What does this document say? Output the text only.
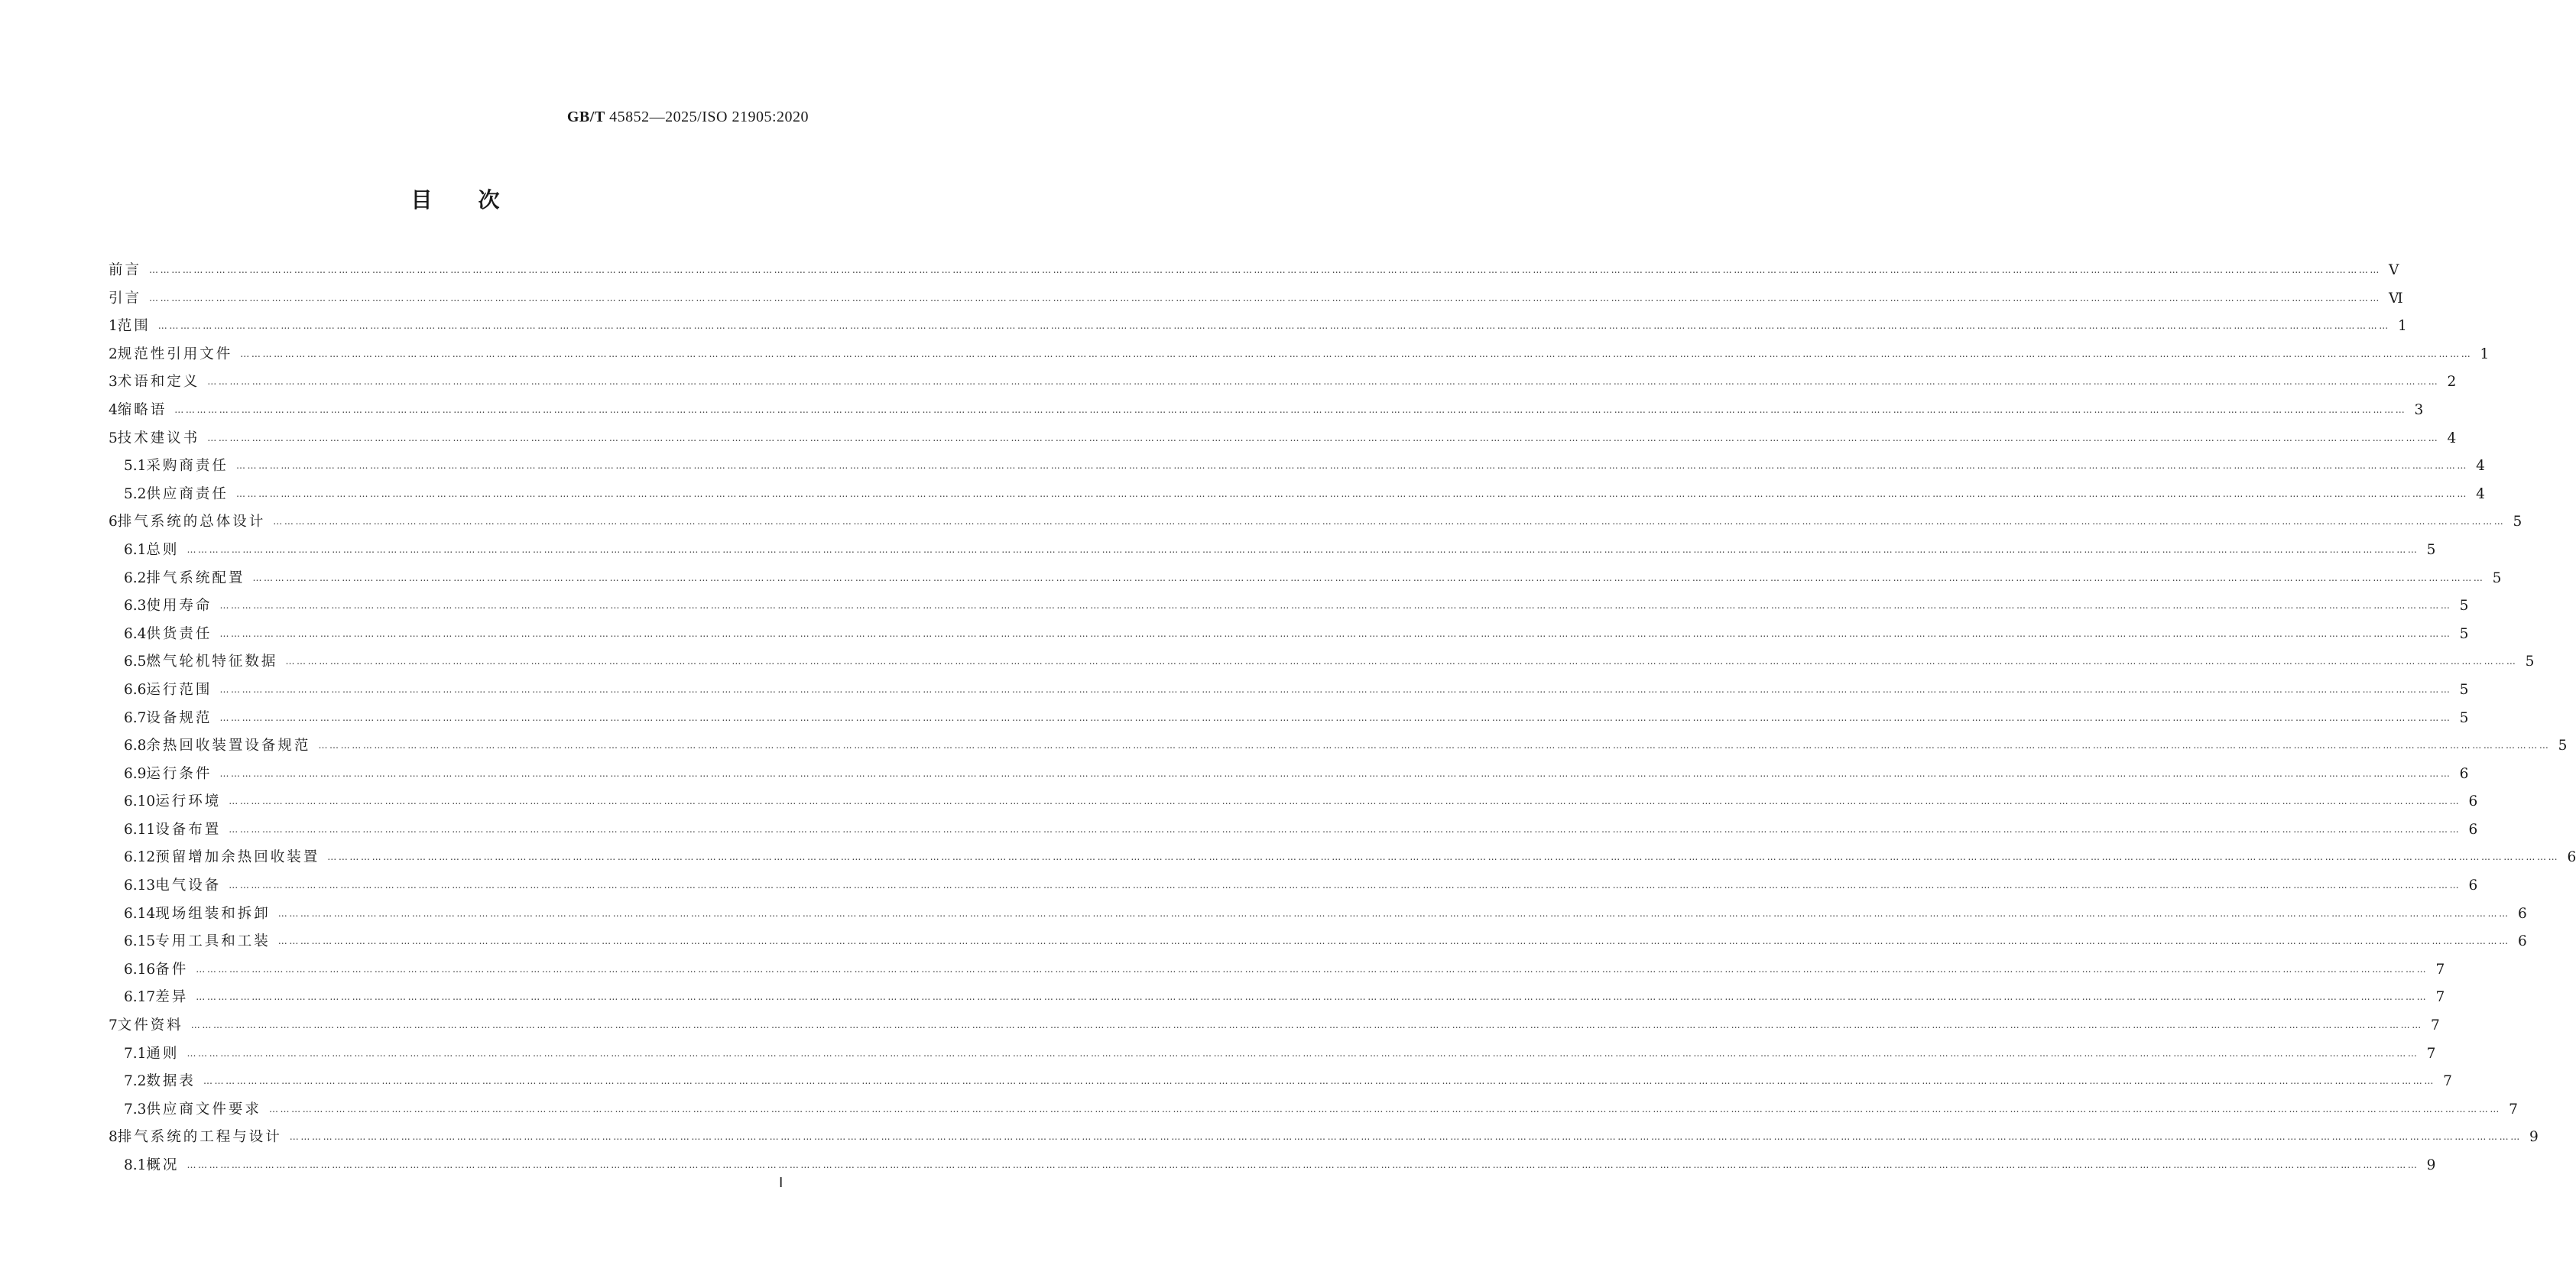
GB/T 45852—2025/ISO 21905:2020
目次
前言 …………………………………………………………………………………………………………………………………………………………………………………………………………………………………………………………………………………………………………………………………………………………………………………………………………………………………………………………………………………………………………………………………………………… Ⅴ
引言 …………………………………………………………………………………………………………………………………………………………………………………………………………………………………………………………………………………………………………………………………………………………………………………………………………………………………………………………………………………………………………………………………………………… Ⅵ
1 范围 …………………………………………………………………………………………………………………………………………………………………………………………………………………………………………………………………………………………………………………………………………………………………………………………………………………………………………………………………………………………………………………………………………………… 1
2 规范性引用文件 …………………………………………………………………………………………………………………………………………………………………………………………………………………………………………………………………………………………………………………………………………………………………………………………………………………………………………………………………………………………………………………………………………………… 1
3 术语和定义 …………………………………………………………………………………………………………………………………………………………………………………………………………………………………………………………………………………………………………………………………………………………………………………………………………………………………………………………………………………………………………………………………………………… 2
4 缩略语 …………………………………………………………………………………………………………………………………………………………………………………………………………………………………………………………………………………………………………………………………………………………………………………………………………………………………………………………………………………………………………………………………………………… 3
5 技术建议书 …………………………………………………………………………………………………………………………………………………………………………………………………………………………………………………………………………………………………………………………………………………………………………………………………………………………………………………………………………………………………………………………………………………… 4
5.1 采购商责任 …………………………………………………………………………………………………………………………………………………………………………………………………………………………………………………………………………………………………………………………………………………………………………………………………………………………………………………………………………………………………………………………………………………… 4
5.2 供应商责任 …………………………………………………………………………………………………………………………………………………………………………………………………………………………………………………………………………………………………………………………………………………………………………………………………………………………………………………………………………………………………………………………………………………… 4
6 排气系统的总体设计 …………………………………………………………………………………………………………………………………………………………………………………………………………………………………………………………………………………………………………………………………………………………………………………………………………………………………………………………………………………………………………………………………………………… 5
6.1 总则 …………………………………………………………………………………………………………………………………………………………………………………………………………………………………………………………………………………………………………………………………………………………………………………………………………………………………………………………………………………………………………………………………………………… 5
6.2 排气系统配置 …………………………………………………………………………………………………………………………………………………………………………………………………………………………………………………………………………………………………………………………………………………………………………………………………………………………………………………………………………………………………………………………………………………… 5
6.3 使用寿命 …………………………………………………………………………………………………………………………………………………………………………………………………………………………………………………………………………………………………………………………………………………………………………………………………………………………………………………………………………………………………………………………………………………… 5
6.4 供货责任 …………………………………………………………………………………………………………………………………………………………………………………………………………………………………………………………………………………………………………………………………………………………………………………………………………………………………………………………………………………………………………………………………………………… 5
6.5 燃气轮机特征数据 …………………………………………………………………………………………………………………………………………………………………………………………………………………………………………………………………………………………………………………………………………………………………………………………………………………………………………………………………………………………………………………………………………………… 5
6.6 运行范围 …………………………………………………………………………………………………………………………………………………………………………………………………………………………………………………………………………………………………………………………………………………………………………………………………………………………………………………………………………………………………………………………………………………… 5
6.7 设备规范 …………………………………………………………………………………………………………………………………………………………………………………………………………………………………………………………………………………………………………………………………………………………………………………………………………………………………………………………………………………………………………………………………………………… 5
6.8 余热回收装置设备规范 …………………………………………………………………………………………………………………………………………………………………………………………………………………………………………………………………………………………………………………………………………………………………………………………………………………………………………………………………………………………………………………………………………………… 5
6.9 运行条件 …………………………………………………………………………………………………………………………………………………………………………………………………………………………………………………………………………………………………………………………………………………………………………………………………………………………………………………………………………………………………………………………………………………… 6
6.10 运行环境 …………………………………………………………………………………………………………………………………………………………………………………………………………………………………………………………………………………………………………………………………………………………………………………………………………………………………………………………………………………………………………………………………………………… 6
6.11 设备布置 …………………………………………………………………………………………………………………………………………………………………………………………………………………………………………………………………………………………………………………………………………………………………………………………………………………………………………………………………………………………………………………………………………………… 6
6.12 预留增加余热回收装置 …………………………………………………………………………………………………………………………………………………………………………………………………………………………………………………………………………………………………………………………………………………………………………………………………………………………………………………………………………………………………………………………………………………… 6
6.13 电气设备 …………………………………………………………………………………………………………………………………………………………………………………………………………………………………………………………………………………………………………………………………………………………………………………………………………………………………………………………………………………………………………………………………………………… 6
6.14 现场组装和拆卸 …………………………………………………………………………………………………………………………………………………………………………………………………………………………………………………………………………………………………………………………………………………………………………………………………………………………………………………………………………………………………………………………………………………… 6
6.15 专用工具和工装 …………………………………………………………………………………………………………………………………………………………………………………………………………………………………………………………………………………………………………………………………………………………………………………………………………………………………………………………………………………………………………………………………………………… 6
6.16 备件 …………………………………………………………………………………………………………………………………………………………………………………………………………………………………………………………………………………………………………………………………………………………………………………………………………………………………………………………………………………………………………………………………………………… 7
6.17 差异 …………………………………………………………………………………………………………………………………………………………………………………………………………………………………………………………………………………………………………………………………………………………………………………………………………………………………………………………………………………………………………………………………………………… 7
7 文件资料 …………………………………………………………………………………………………………………………………………………………………………………………………………………………………………………………………………………………………………………………………………………………………………………………………………………………………………………………………………………………………………………………………………………… 7
7.1 通则 …………………………………………………………………………………………………………………………………………………………………………………………………………………………………………………………………………………………………………………………………………………………………………………………………………………………………………………………………………………………………………………………………………………… 7
7.2 数据表 …………………………………………………………………………………………………………………………………………………………………………………………………………………………………………………………………………………………………………………………………………………………………………………………………………………………………………………………………………………………………………………………………………………… 7
7.3 供应商文件要求 …………………………………………………………………………………………………………………………………………………………………………………………………………………………………………………………………………………………………………………………………………………………………………………………………………………………………………………………………………………………………………………………………………………… 7
8 排气系统的工程与设计 …………………………………………………………………………………………………………………………………………………………………………………………………………………………………………………………………………………………………………………………………………………………………………………………………………………………………………………………………………………………………………………………………………………… 9
8.1 概况 …………………………………………………………………………………………………………………………………………………………………………………………………………………………………………………………………………………………………………………………………………………………………………………………………………………………………………………………………………………………………………………………………………………… 9
Ⅰ
